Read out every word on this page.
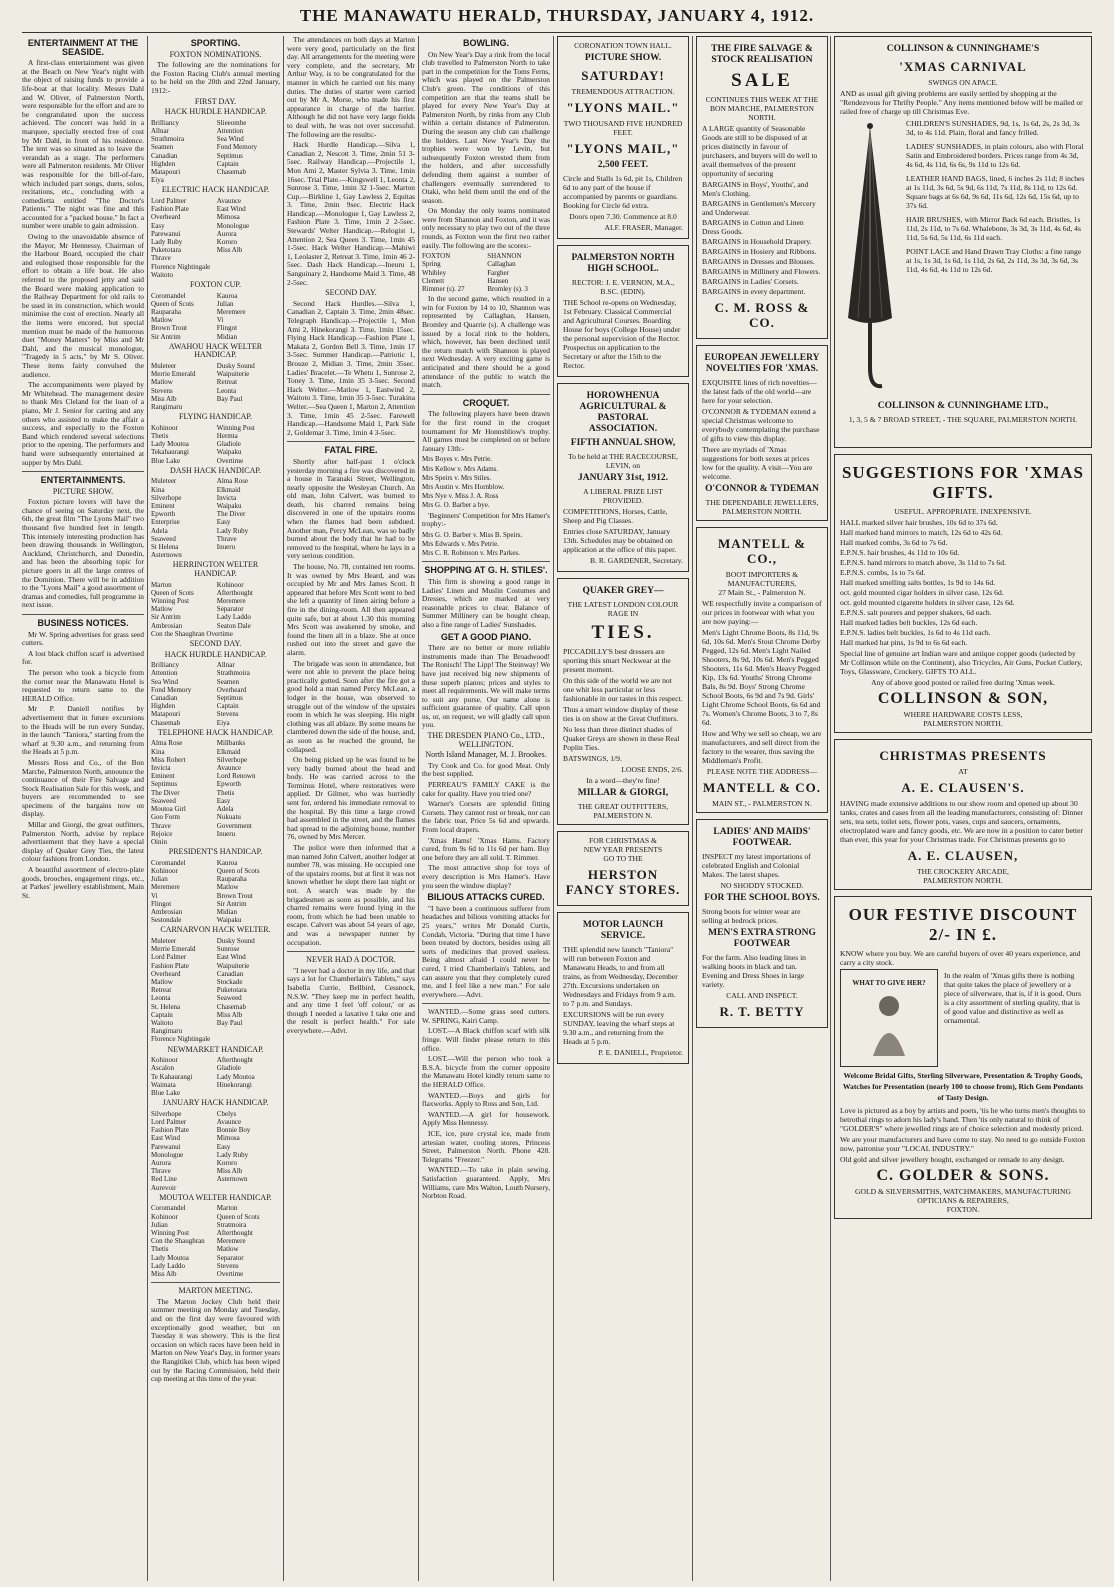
THE MANAWATU HERALD, THURSDAY, JANUARY 4, 1912.
ENTERTAINMENT AT THE SEASIDE.

A first-class entertainment was given at the Beach on New Year's night with the object of raising funds to provide a life-boat at that locality. Messrs Dahl and W. Oliver, of Palmerston North, were responsible for the effort and are to be congratulated upon the success achieved. The concert was held in a marquee, specially erected free of cost by Mr Dahl, in front of his residence. The tent was so situated as to leave the verandah as a stage. The performers were all Palmerston residents. Mr Oliver was responsible for the bill-of-fare, which included part songs, duets, solos, recitations, etc., concluding with a comedietta entitled "The Doctor's Patients." The night was fine and this accounted for a "packed house." In fact a number were unable to gain admission.

Owing to the unavoidable absence of the Mayor, Mr Hennessy, Chairman of the Harbour Board, occupied the chair and eulogised those responsible for the effort to obtain a life boat. He also referred to the proposed jetty and said the Board were making application to the Railway Department for old rails to be used in its construction, which would minimise the cost of erection. Nearly all the items were encored, but special mention must be made of the humorous duet "Money Matters" by Miss and Mr Dahl, and the musical monologue, "Tragedy in 5 acts," by Mr S. Oliver. These items fairly convulsed the audience.

The accompaniments were played by Mr Whitehead. The management desire to thank Mrs Cleland for the loan of a piano, Mr J. Senior for carting and any others who assisted to make the affair a success, and especially to the Foxton Band which rendered several selections prior to the opening. The performers and band were subsequently entertained at supper by Mrs Dahl.

ENTERTAINMENTS.
PICTURE SHOW.

Foxton picture lovers will have the chance of seeing on Saturday next, the 6th, the great film "The Lyons Mail" two thousand five hundred feet in length. This intensely interesting production has been drawing thousands in Wellington, Auckland, Christchurch, and Dunedin, and has been the absorbing topic for picture goers in all the large centres of the Dominion. There will be in addition to the "Lyons Mail" a good assortment of dramas and comedies, full programme in next issue.

BUSINESS NOTICES.

Mr W. Spring advertises for grass seed cutters.

A lost black chiffon scarf is advertised for.

The person who took a bicycle from the corner near the Manawatu Hotel is requested to return same to the HERALD Office.

Mr P. Daniell notifies by advertisement that in future excursions to the Heads will be run every Sunday, in the launch "Taniora," starting from the wharf at 9.30 a.m., and returning from the Heads at 5 p.m.

Messrs Ross and Co., of the Bon Marche, Palmerston North, announce the continuance of their Fire Salvage and Stock Realisation Sale for this week, and buyers are recommended to see specimens of the bargains now on display.

Millar and Giorgi, the great outfitters, Palmerston North, advise by replace advertisement that they have a special display of Quaker Grey Ties, the latest colour fashions from London.

A beautiful assortment of electro-plate goods, brooches, engagement rings, etc., at Parkes' jewellery establishment, Main St.

SPORTING.
FOXTON NOMINATIONS.

The following are the nominations for the Foxton Racing Club's annual meeting to be held on the 20th and 22nd January, 1912:-

FIRST DAY.
HACK HURDLE HANDICAP.
Brilliancy	Slieeombe
Allnar	Attention
Strathmoira	Sea Wind
Seamen	Fond Memory
Canadian	Septimus
Highden	Captain
Matapouri	Chasemab
Eiya
ELECTRIC HACK HANDICAP.
Lord Palmer	Avaunce
Fashion Plate	East Wind
Overheard	Mimosa
Easy	Monologue
Parewanui	Aurora
Lady Ruby	Kororo
Puketotara	Miss Alb
Thrave
Florence Nightingale
Waitoto
FOXTON CUP.
Coromandel	Kauroa
Queen of Scots	Julian
Rauparaha	Meremere
Matlow	Vi
Brown Trout	Flingot
Sir Antrim	Midian
AWAHOU HACK WELTER HANDICAP.
Muleteer	Dusky Sound
Merrie Emerald	Waipuiterie
Matlow	Retreat
Stevens	Leonta
Miss Alb	Bay Paul
Rangimaru
FLYING HANDICAP.
Kohinoor	Winning Post
Thetis	Hermta
Lady Moutoa	Gladiole
Tekahaurangi	Waipaku
Blue Lake	Overtime
DASH HACK HANDICAP.
Muleteer	Alma Rose
Kina	Elkmaid
Silverhope	Invicta
Eminent	Waipaku
Epworth	The Diver
Enterprise	Easy
Adela	Lady Ruby
Seaweed	Thrave
St Helena	Inueru
Asternown
HERRINGTON WELTER HANDICAP.
Marton	Kohinoor
Queen of Scots	Afterthought
Winning Post	Meremere
Matlow	Separator
Sir Antrim	Lady Laddo
Ambrosian	Seaton Dale
Con the Shaughran Overtime
SECOND DAY.
HACK HURDLE HANDICAP.
Brilliancy	Allnar
Attention	Strathmoira
Sea Wind	Seamen
Fond Memory	Overheard
Canadian	Septimus
Highden	Captain
Matapouri	Stevens
Chasemab	Eiya
TELEPHONE HACK HANDICAP.
Alma Rose	Millbanks
Kina	Elkmaid
Miss Robert	Silverhope
Invicta	Avaunce
Eminent	Lord Renown
Septimus	Epworth
The Diver	Thetis
Seaweed	Easy
Moutoa Girl	Adela
Goo Form	Nukuatu
Thrave	Government
Rejoice	Inueru
Oinin
PRESIDENT'S HANDICAP.
Coromandel	Kauroa
Kohinoor	Queen of Scots
Julian	Rauparaha
Meremere	Matlow
Vi	Brown Trout
Flingot	Sir Antrim
Ambrosian	Midian
Sestondale	Waipaku
CARNARVON HACK WELTER.
Muleteer	Dusky Sound
Merrie Emerald	Sunrose
Lord Palmer	East Wind
Fashion Plate	Waipuiterie
Overheard	Canadian
Matlow	Stockade
Retreat	Puketotara
Leonta	Seaweed
St. Helena	Chasemab
Captain	Miss Alb
Waitoto	Bay Paul
Rangimaru
Florence Nightingale
NEWMARKET HANDICAP.
Kohinoor	Afterthought
Ascalon	Gladiole
Te Kahaurangi	Lady Moutoa
Waimata	Hinekorangi
Blue Lake
JANUARY HACK HANDICAP.
Silverhope	Cbelys
Lord Palmer	Avaunce
Fashion Plate	Bonnie Boy
East Wind	Mimosa
Parewanui	Easy
Monologue	Lady Ruby
Aurora	Kororo
Thrave	Miss Alb
Red Line	Asternown
Aurevoir
MOUTOA WELTER HANDICAP.
Coromandel	Marton
Kohinoor	Queen of Scots
Julian	Stratmoira
Winning Post	Afterthought
Con the Shaughran	Meremere
Thetis	Matlow
Lady Moutoa	Separator
Lady Laddo	Stevens
Miss Alb	Overtime
MARTON MEETING.

The Marton Jockey Club held their summer meeting on Monday and Tuesday, and on the first day were favoured with exceptionally good weather, but on Tuesday it was showery. This is the first occasion on which races have been held in Marton on New Year's Day, in former years the Rangitikei Club, which has been wiped out by the Racing Commission, held their cup meeting at this time of the year.

The attendances on both days at Marton were very good, particularly on the first day. All arrangements for the meeting were very complete, and the secretary, Mr Arthur Way, is to be congratulated for the manner in which he carried out his many duties. The duties of starter were carried out by Mr A. Morse, who made his first appearance in charge of the barrier. Although he did not have very large fields to deal with, he was not over successful. The following are the results:-

Hack Hurdle Handicap.—Silva 1, Canadian 2, Nescott 3. Time, 2min 51 3-5sec. Railway Handicap.—Projectile 1, Mon Ami 2, Master Sylvia 3. Time, 1min 16sec. Trial Plate.—Kingswell 1, Leonta 2, Sunrose 3. Time, 1min 32 1-5sec. Marton Cup.—Birkline 1, Gay Lawless 2, Equitas 3. Time, 2min 9sec. Electric Hack Handicap.—Monologue 1, Gay Lawless 2, Fashion Plate 3. Time, 1min 2 2-5sec. Stewards' Welter Handicap.—Relogist 1, Attention 2, Sea Queen 3. Time, 1min 45 1-5sec. Hack Welter Handicap.—Mahiwi 1, Leolaster 2, Retreat 3. Time, 1min 46 2-5sec. Dash Hack Handicap.—Ineuru 1, Sanguinary 2, Handsome Maid 3. Time, 48 2-5sec.

SECOND DAY.

Second Hack Hurdles.—Silva 1, Canadian 2, Captain 3. Time, 2min 48sec. Telegraph Handicap.—Projectile 1, Mon Ami 2, Hinekorangi 3. Time, 1min 15sec. Flying Hack Handicap.—Fashion Plate 1, Makata 2, Gordon Bell 3. Time, 1min 17 3-5sec. Summer Handicap.—Patriotic 1, Brouze 2, Midian 3. Time, 2min 35sec. Ladies' Bracelet.—Te Whetu 1, Sunrose 2, Toney 3. Time, 1min 35 3-5sec. Second Hack Welter.—Matlow 1, Eastwind 2, Waitoto 3. Time, 1min 35 3-5sec. Turakina Welter.—Sea Queen 1, Marton 2, Attention 3. Time, 1min 45 2-5sec. Farewell Handicap.—Handsome Maid 1, Park Side 2, Goldemar 3. Time, 1min 4 3-5sec.

FATAL FIRE.

Shortly after half-past 1 o'clock yesterday morning a fire was discovered in a house in Taranaki Street, Wellington, nearly opposite the Wesleyan Church. An old man, John Calvert, was burned to death, his charred remains being discovered in one of the upstairs rooms when the flames had been subdued. Another man, Percy McLean, was so badly burned about the body that he had to be removed to the hospital, where he lays in a very serious condition.

The house, No. 78, contained ten rooms. It was owned by Mrs Heard, and was occupied by Mr and Mrs James Scott. It appeared that before Mrs Scott went to bed she left a quantity of linen airing before a fire in the dining-room. All then appeared quite safe, but at about 1.30 this morning Mrs Scott was awakened by smoke, and found the linen all in a blaze. She at once rushed out into the street and gave the alarm.

The brigade was soon in attendance, but were not able to prevent the place being practically gutted. Soon after the fire got a good hold a man named Percy McLean, a lodger in the house, was observed to struggle out of the window of the upstairs room in which he was sleeping. His night clothing was all ablaze. By some means he clambered down the side of the house, and, as soon as he reached the ground, he collapsed.

On being picked up he was found to be very badly burned about the head and body. He was carried across to the Terminus Hotel, where restoratives were applied. Dr Gilmer, who was hurriedly sent for, ordered his immediate removal to the hospital. By this time a large crowd had assembled in the street, and the flames had spread to the adjoining house, number 76, owned by Mrs Mercer.

The police were then informed that a man named John Calvert, another lodger at number 78, was missing. He occupied one of the upstairs rooms, but at first it was not known whether he slept there last night or not. A search was made by the brigadesmen as soon as possible, and his charred remains were found lying in the room, from which he had been unable to escape. Calvert was about 54 years of age, and was a newspaper runner by occupation.

NEVER HAD A DOCTOR.

"I never had a doctor in my life, and that says a lot for Chamberlain's Tablets," says Isabella Currie, Bellbird, Cessnock, N.S.W. "They keep me in perfect health, and any time I feel 'off colour,' or as though I needed a laxative I take one and the result is perfect health." For sale everywhere.—Advt.

BOWLING.

On New Year's Day a rink from the local club travelled to Palmerston North to take part in the competition for the Toms Ferns, which was played on the Palmerston Club's green. The conditions of this competition are that the teams shall be played for every New Year's Day at Palmerston North, by rinks from any Club within a certain distance of Palmerston. During the season any club can challenge the holders. Last New Year's Day the trophies were won by Levin, but subsequently Foxton wrested them from the holders, and after successfully defending them against a number of challengers eventually surrendered to Otaki, who held them until the end of the season.

On Monday the only teams nominated were from Shannon and Foxton, and it was only necessary to play two out of the three rounds, as Foxton won the first two rather easily. The following are the scores:-

FOXTON	SHANNON
Spring	Callaghan
Whibley	Fargher
Clemett	Hansen
Rimmer (s). 27	Bromley (s). 3

In the second game, which resulted in a win for Foxton by 14 to 10, Shannon was represented by Callaghan, Hansen, Bromley and Quarrie (s). A challenge was issued by a local rink to the holders, which, however, has been declined until the return match with Shannon is played next Wednesday. A very exciting game is anticipated and there should be a good attendance of the public to watch the match.

CROQUET.

The following players have been drawn for the first round in the croquet tournament for Mr Honnsbliow's trophy. All games must be completed on or before January 13th:-

Mrs Boyes v. Mrs Petrie.
Mrs Kellow v. Mrs Adams.
Mrs Speirs v. Mrs Stiles.
Mrs Austin v. Mrs Hornblow.
Mrs Nye v. Miss J. A. Ross
Mrs G. O. Barber a bye.

'Beginners' Competition for Mrs Hamer's trophy:-

Mrs G. O. Barber v. Miss B. Speirs.
Mrs Edwards v. Mrs Petrie.
Mrs C. R. Robinson v. Mrs Parkes.
SHOPPING AT G. H. STILES'.

This firm is showing a good range in Ladies' Linen and Muslin Costumes and Dresses, which are marked at very reasonable prices to clear. Balance of Summer Millinery can be bought cheap, also a fine range of Ladies' Sunshades.

GET A GOOD PIANO.

There are no better or more reliable instruments made than The Broadwood! The Ronisch! The Lipp! The Steinway! We have just received big new shipments of these superb pianos; prices and styles to meet all requirements. We will make terms to suit any purse. Our name alone is sufficient guarantee of quality. Call upon us, or, on request, we will gladly call upon you.

THE DRESDEN PIANO Co., LTD., WELLINGTON.
North Island Manager, M. J. Brookes.

Try Cook and Co. for good Meat. Only the best supplied.

PERREAU'S FAMILY CAKE is the cake for quality. Have you tried one?

Warner's Corsets are splendid fitting Corsets. They cannot rust or break, nor can the fabric tear, Price 5s 6d and upwards. From local drapers.

'Xmas Hams! 'Xmas Hams. Factory cured, from 9s 6d to 11s 6d per ham. Buy one before they are all sold. T. Rimmer.

The most attractive shop for toys of every description is Mrs Hamer's. Have you seen the window display?

BILIOUS ATTACKS CURED.

"I have been a continuous sufferer from headaches and bilious vomiting attacks for 25 years," writes Mr Donald Curtis, Condah, Victoria. "During that time I have been treated by doctors, besides using all sorts of medicines that proved useless. Being almost afraid I could never be cured, I tried Chamberlain's Tablets, and can assure you that they completely cured me, and I feel like a new man." For sale everywhere.—Advt.

WANTED.—Some grass seed cutters. W. SPRING, Kairi Camp.

LOST.—A Black chiffon scarf with silk fringe. Will finder please return to this office.

LOST.—Will the person who took a B.S.A. bicycle from the corner opposite the Manawatu Hotel kindly return same to the HERALD Office.

WANTED.—Boys and girls for flaxworks. Apply to Ross and Son, Ltd.

WANTED.—A girl for housework. Apply Miss Hennessy.

ICE, ice, pure crystal ice, made from artesian water, cooling stores, Princess Street, Palmerston North. Phone 428. Telegrams "Freezer."

WANTED.—To take in plain sewing. Satisfaction guaranteed. Apply, Mrs Williams, care Mrs Walton, Louth Nursery, Norbton Road.

CORONATION TOWN HALL.
PICTURE SHOW.
SATURDAY!
TREMENDOUS ATTRACTION.
"LYONS MAIL."
TWO THOUSAND FIVE HUNDRED FEET.
"LYONS MAIL,"
2,500 FEET.
Circle and Stalls 1s 6d, pit 1s, Children 6d to any part of the house if accompanied by parents or guardians. Booking for Circle 6d extra.
Doors open 7.30. Commence at 8.0
ALF. FRASER, Manager.
PALMERSTON NORTH HIGH SCHOOL.
RECTOR: J. E. VERNON, M.A., B.SC. (EDIN).
THE School re-opens on Wednesday, 1st February. Classical Commercial and Agricultural Courses. Boarding House for boys (College House) under the personal supervision of the Rector. Prospectus on application to the Secretary or after the 15th to the Rector.
HOROWHENUA AGRICULTURAL & PASTORAL ASSOCIATION.
FIFTH ANNUAL SHOW,
To be held at THE RACECOURSE, LEVIN, on
JANUARY 31st, 1912.
A LIBERAL PRIZE LIST PROVIDED.
COMPETITIONS, Horses, Cattle, Sheep and Pig Classes.
Entries close SATURDAY, January 13th. Schedules may be obtained on application at the office of this paper.
B. R. GARDENER, Secretary.
QUAKER GREY—
THE LATEST LONDON COLOUR RAGE IN
TIES.
PICCADILLY'S best dressers are sporting this smart Neckwear at the present moment.
On this side of the world we are not one whit less particular or less fashionable in our tastes in this respect.
Thus a smart window display of these ties is on show at the Great Outfitters.
No less than three distinct shades of Quaker Greys are shown in these Real Poplin Ties.
BATSWINGS, 1/9.
LOOSE ENDS, 2/6.
In a word—they're fine!
MILLAR & GIORGI,
THE GREAT OUTFITTERS,
PALMERSTON N.
FOR CHRISTMAS &
NEW YEAR PRESENTS
GO TO THE
HERSTON FANCY STORES.
MOTOR LAUNCH SERVICE.
THE splendid new launch "Taniora" will run between Foxton and Manawatu Heads, to and from all trains, as from Wednesday, December 27th. Excursions undertaken on Wednesdays and Fridays from 9 a.m. to 7 p.m. and Sundays.
EXCURSIONS will be run every SUNDAY, leaving the wharf steps at 9.30 a.m., and returning from the Heads at 5 p.m.
P. E. DANIELL, Proprietor.
THE FIRE SALVAGE & STOCK REALISATION
SALE
CONTINUES THIS WEEK AT THE BON MARCHE, PALMERSTON NORTH.
A LARGE quantity of Seasonable Goods are still to be disposed of at prices distinctly in favour of purchasers, and buyers will do well to avail themselves of the present opportunity of securing
BARGAINS in Boys', Youths', and Men's Clothing.
BARGAINS in Gentlemen's Mercery and Underwear.
BARGAINS in Cotton and Linen Dress Goods.
BARGAINS in Household Drapery.
BARGAINS in Hosiery and Ribbons.
BARGAINS in Dresses and Blouses.
BARGAINS in Millinery and Flowers.
BARGAINS in Ladies' Corsets.
BARGAINS in every department.
C. M. ROSS & CO.
EUROPEAN JEWELLERY NOVELTIES FOR 'XMAS.
EXQUISITE lines of rich novelties—the latest fads of the old world—are here for your selection.
O'CONNOR & TYDEMAN extend a special Christmas welcome to everybody contemplating the purchase of gifts to view this display.
There are myriads of 'Xmas suggestions for both sexes at prices low for the quality. A visit—You are welcome.
O'CONNOR & TYDEMAN
THE DEPENDABLE JEWELLERS,
PALMERSTON NORTH.
MANTELL & CO.,
BOOT IMPORTERS & MANUFACTURERS,
27 Main St., - Palmerston N.
WE respectfully invite a comparison of our prices in footwear with what you are now paying:—
Men's Light Chrome Boots, 8s 11d, 9s 6d, 10s 6d. Men's Stout Chrome Derby Pegged, 12s 6d. Men's Light Nailed Shooters, 8s 9d, 10s 6d. Men's Pegged Shooters, 11s 6d. Men's Heavy Pegged Kip, 13s 6d. Youths' Strong Chrome Bals, 8s 9d. Boys' Strong Chrome School Boots, 6s 9d and 7s 9d. Girls' Light Chrome School Boots, 6s 6d and 7s. Women's Chrome Boots, 3 to 7, 8s 6d.
How and Why we sell so cheap, we are manufacturers, and sell direct from the factory to the wearer, thus saving the Middleman's Profit.
PLEASE NOTE THE ADDRESS—
MANTELL & CO.
MAIN ST., - PALMERSTON N.
LADIES' AND MAIDS' FOOTWEAR.
INSPECT my latest importations of celebrated English and Colonial Makes. The latest shapes.
NO SHODDY STOCKED.
FOR THE SCHOOL BOYS.
Strong boots for winter wear are selling at bedrock prices.
MEN'S EXTRA STRONG FOOTWEAR
For the farm. Also leading lines in walking boots in black and tan. Evening and Dress Shoes in large variety.
CALL AND INSPECT.
R. T. BETTY
COLLINSON & CUNNINGHAME'S
'XMAS CARNIVAL
SWINGS ON APACE.
AND as usual gift giving problems are easily settled by shopping at the "Rendezvous for Thrifty People." Any items mentioned below will be mailed or railed free of charge up till Christmas Eve.
CHILDREN'S SUNSHADES, 9d, 1s, 1s 6d, 2s, 2s 3d, 3s 3d, to 4s 11d. Plain, floral and fancy frilled.
LADIES' SUNSHADES, in plain colours, also with Floral Satin and Embroidered borders. Prices range from 4s 3d, 4s 6d, 4s 11d, 6s 6s, 9s 11d to 12s 6d.
LEATHER HAND BAGS, lined, 6 inches 2s 11d; 8 inches at 1s 11d, 3s 6d, 5s 9d, 6s 11d, 7s 11d, 8s 11d, to 12s 6d. Square bags at 6s 6d, 9s 6d, 11s 6d, 12s 6d, 15s 6d, up to 37s 6d.
HAIR BRUSHES, with Mirror Back 6d each. Bristles, 1s 11d, 2s 11d, to 7s 6d. Whalebone, 3s 3d, 3s 11d, 4s 6d, 4s 11d, 5s 6d, 5s 11d, 6s 11d each.
POINT LACE and Hand Drawn Tray Cloths: a fine range at 1s, 1s 3d, 1s 6d, 1s 11d, 2s 6d, 2s 11d, 3s 3d, 3s 6d, 3s 11d, 4s 6d, 4s 11d to 12s 6d.
COLLINSON & CUNNINGHAME LTD.,
1, 3, 5 & 7 BROAD STREET, - THE SQUARE, PALMERSTON NORTH.
SUGGESTIONS FOR 'XMAS GIFTS.
USEFUL. APPROPRIATE. INEXPENSIVE.
HALL marked silver hair brushes, 10s 6d to 37s 6d.
Hall marked hand mirrors to match, 12s 6d to 42s 6d.
Hall marked combs, 3s 6d to 7s 6d.
E.P.N.S. hair brushes, 4s 11d to 10s 6d.
E.P.N.S. hand mirrors to match above, 3s 11d to 7s 6d.
E.P.N.S. combs, 1s to 7s 6d.
Hall marked smelling salts bottles, 1s 9d to 14s 6d.
oct. gold mounted cigar holders in silver case, 12s 6d.
oct. gold mounted cigarette holders in silver case, 12s 6d.
E.P.N.S. salt pourers and pepper shakers, 6d each.
Hall marked ladies belt buckles, 12s 6d each.
E.P.N.S. ladies belt buckles, 1s 6d to 4s 11d each.
Hall marked hat pins, 1s 9d to 6s 6d each.
Special line of genuine art Indian ware and antique copper goods (selected by Mr Collinson while on the Continent), also Tricycles, Air Guns, Pocket Cutlery, Toys, Glassware, Crockery. GIFTS TO ALL.
Any of above good posted or railed free during 'Xmas week.
COLLINSON & SON,
WHERE HARDWARE COSTS LESS,
PALMERSTON NORTH.
CHRISTMAS PRESENTS
AT
A. E. CLAUSEN'S.
HAVING made extensive additions to our show room and opened up about 30 tanks, crates and cases from all the leading manufacturers, consisting of: Dinner sets, tea sets, toilet sets, flower pots, vases, cups and saucers, ornaments, electroplated ware and fancy goods, etc. We are now in a position to cater better than ever, this year for your Christmas trade. For Christmas presents go to
A. E. CLAUSEN,
THE CROCKERY ARCADE,
PALMERSTON NORTH.
OUR FESTIVE DISCOUNT 2/- IN £.
KNOW where you buy. We are careful buyers of over 40 years experience, and carry a city stock.
WHAT TO GIVE HER?
In the realm of 'Xmas gifts there is nothing that quite takes the place of jewellery or a piece of silverware, that is, if it is good. Ours is a city assortment of sterling quality, that is of good value and distinctive as well as ornamental.
Welcome Bridal Gifts, Sterling Silverware, Presentation & Trophy Goods, Watches for Presentation (nearly 100 to choose from), Rich Gem Pendants of Tasty Design.
Love is pictured as a boy by artists and poets, 'tis he who turns men's thoughts to betrothal rings to adorn his lady's hand. Then 'tis only natural to think of "GOLDER'S" where jewelled rings are of choice selection and modestly priced.
We are your manufacturers and have come to stay. No need to go outside Foxton now, patronise your "LOCAL INDUSTRY."
Old gold and silver jewellery bought, exchanged or remade to any design.
C. GOLDER & SONS.
GOLD & SILVERSMITHS, WATCHMAKERS, MANUFACTURING OPTICIANS & REPAIRERS,
FOXTON.
